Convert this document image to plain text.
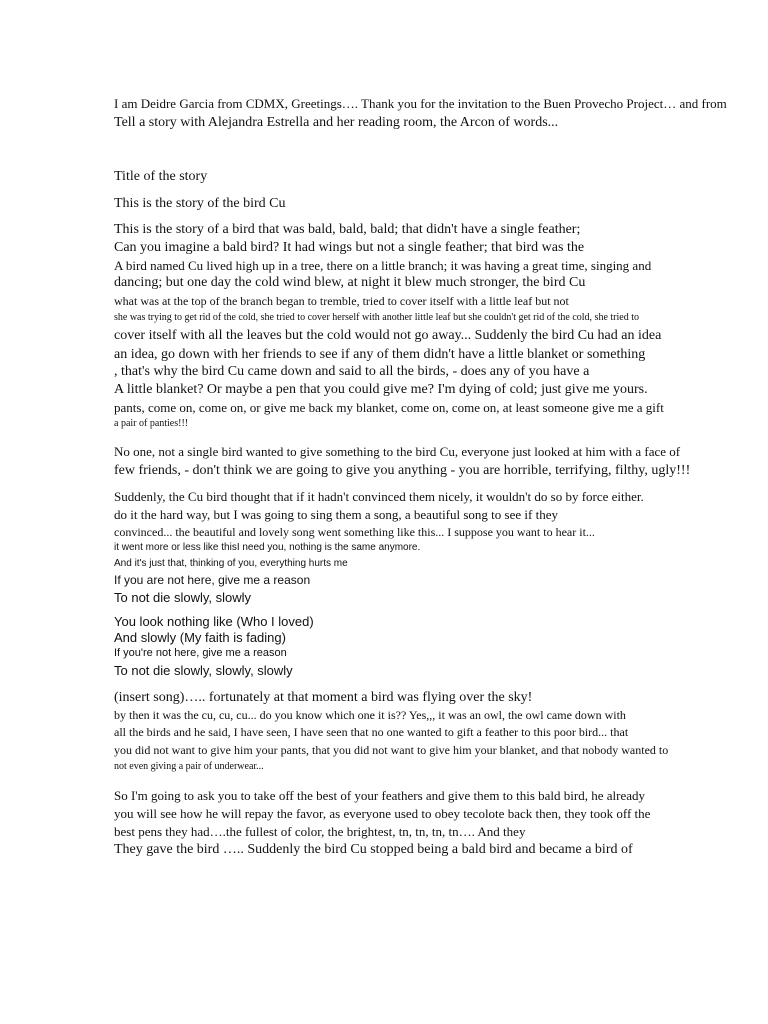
I am Deidre Garcia from CDMX, Greetings…. Thank you for the invitation to the Buen Provecho Project… and from
Tell a story with Alejandra Estrella and her reading room, the Arcon of words...
Title of the story
This is the story of the bird Cu
This is the story of a bird that was bald, bald, bald; that didn't have a single feather;
Can you imagine a bald bird? It had wings but not a single feather; that bird was the
A bird named Cu lived high up in a tree, there on a little branch; it was having a great time, singing and
dancing; but one day the cold wind blew, at night it blew much stronger, the bird Cu
what was at the top of the branch began to tremble, tried to cover itself with a little leaf but not
she was trying to get rid of the cold, she tried to cover herself with another little leaf but she couldn't get rid of the cold, she tried to
cover itself with all the leaves but the cold would not go away... Suddenly the bird Cu had an idea
an idea, go down with her friends to see if any of them didn't have a little blanket or something
, that's why the bird Cu came down and said to all the birds, - does any of you have a
A little blanket? Or maybe a pen that you could give me? I'm dying of cold; just give me yours.
pants, come on, come on, or give me back my blanket, come on, come on, at least someone give me a gift
a pair of panties!!!
No one, not a single bird wanted to give something to the bird Cu, everyone just looked at him with a face of
few friends, - don't think we are going to give you anything - you are horrible, terrifying, filthy, ugly!!!
Suddenly, the Cu bird thought that if it hadn't convinced them nicely, it wouldn't do so by force either.
do it the hard way, but I was going to sing them a song, a beautiful song to see if they
convinced... the beautiful and lovely song went something like this... I suppose you want to hear it...
it went more or less like thisI need you, nothing is the same anymore.
And it's just that, thinking of you, everything hurts me
If you are not here, give me a reason
To not die slowly, slowly
You look nothing like (Who I loved)
And slowly (My faith is fading)
If you're not here, give me a reason
To not die slowly, slowly, slowly
(insert song)….. fortunately at that moment a bird was flying over the sky!
by then it was the cu, cu, cu... do you know which one it is?? Yes,,, it was an owl, the owl came down with
all the birds and he said, I have seen, I have seen that no one wanted to gift a feather to this poor bird... that
you did not want to give him your pants, that you did not want to give him your blanket, and that nobody wanted to
not even giving a pair of underwear...
So I'm going to ask you to take off the best of your feathers and give them to this bald bird, he already
you will see how he will repay the favor, as everyone used to obey tecolote back then, they took off the
best pens they had….the fullest of color, the brightest, tn, tn, tn, tn…. And they
They gave the bird ….. Suddenly the bird Cu stopped being a bald bird and became a bird of
